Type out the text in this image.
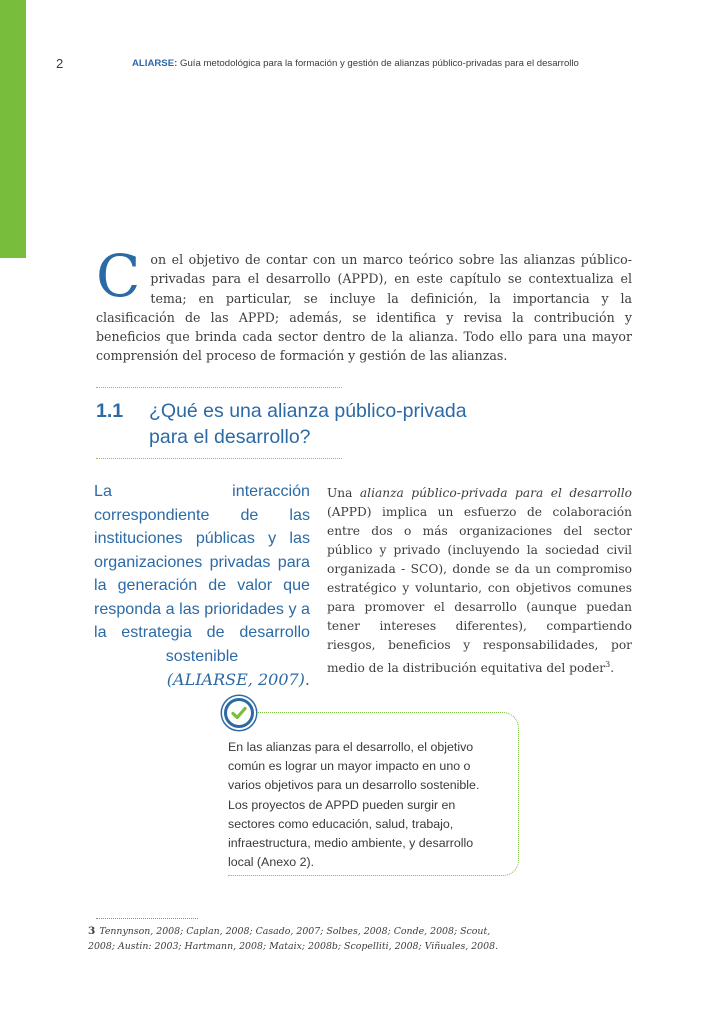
2	ALIARSE: Guía metodológica para la formación y gestión de alianzas público-privadas para el desarrollo
Con el objetivo de contar con un marco teórico sobre las alianzas público-privadas para el desarrollo (APPD), en este capítulo se contextualiza el tema; en particular, se incluye la definición, la importancia y la clasificación de las APPD; además, se identifica y revisa la contribución y beneficios que brinda cada sector dentro de la alianza. Todo ello para una mayor comprensión del proceso de formación y gestión de las alianzas.
1.1 ¿Qué es una alianza público-privada para el desarrollo?
La interacción correspondiente de las instituciones públicas y las organizaciones privadas para la generación de valor que responda a las prioridades y a la estrategia de desarrollo sostenible
(ALIARSE, 2007).
Una alianza público-privada para el desarrollo (APPD) implica un esfuerzo de colaboración entre dos o más organizaciones del sector público y privado (incluyendo la sociedad civil organizada - SCO), donde se da un compromiso estratégico y voluntario, con objetivos comunes para promover el desarrollo (aunque puedan tener intereses diferentes), compartiendo riesgos, beneficios y responsabilidades, por medio de la distribución equitativa del poder$^3$.
En las alianzas para el desarrollo, el objetivo común es lograr un mayor impacto en uno o varios objetivos para un desarrollo sostenible. Los proyectos de APPD pueden surgir en sectores como educación, salud, trabajo, infraestructura, medio ambiente, y desarrollo local (Anexo 2).
3 Tennynson, 2008; Caplan, 2008; Casado, 2007; Solbes, 2008; Conde, 2008; Scout, 2008; Austin: 2003; Hartmann, 2008; Mataix; 2008b; Scopelliti, 2008; Viñuales, 2008.
